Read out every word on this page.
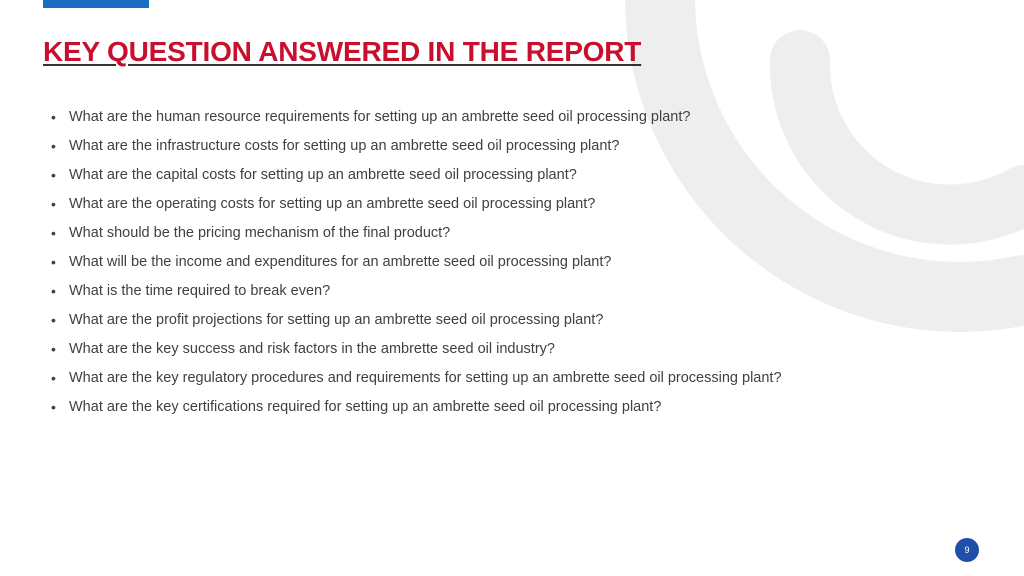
KEY QUESTION ANSWERED IN THE REPORT
• What are the human resource requirements for setting up an ambrette seed oil processing plant?
• What are the infrastructure costs for setting up an ambrette seed oil processing plant?
• What are the capital costs for setting up an ambrette seed oil processing plant?
• What are the operating costs for setting up an ambrette seed oil processing plant?
• What should be the pricing mechanism of the final product?
• What will be the income and expenditures for an ambrette seed oil processing plant?
• What is the time required to break even?
• What are the profit projections for setting up an ambrette seed oil processing plant?
• What are the key success and risk factors in the ambrette seed oil industry?
• What are the key regulatory procedures and requirements for setting up an ambrette seed oil processing plant?
• What are the key certifications required for setting up an ambrette seed oil processing plant?
9
